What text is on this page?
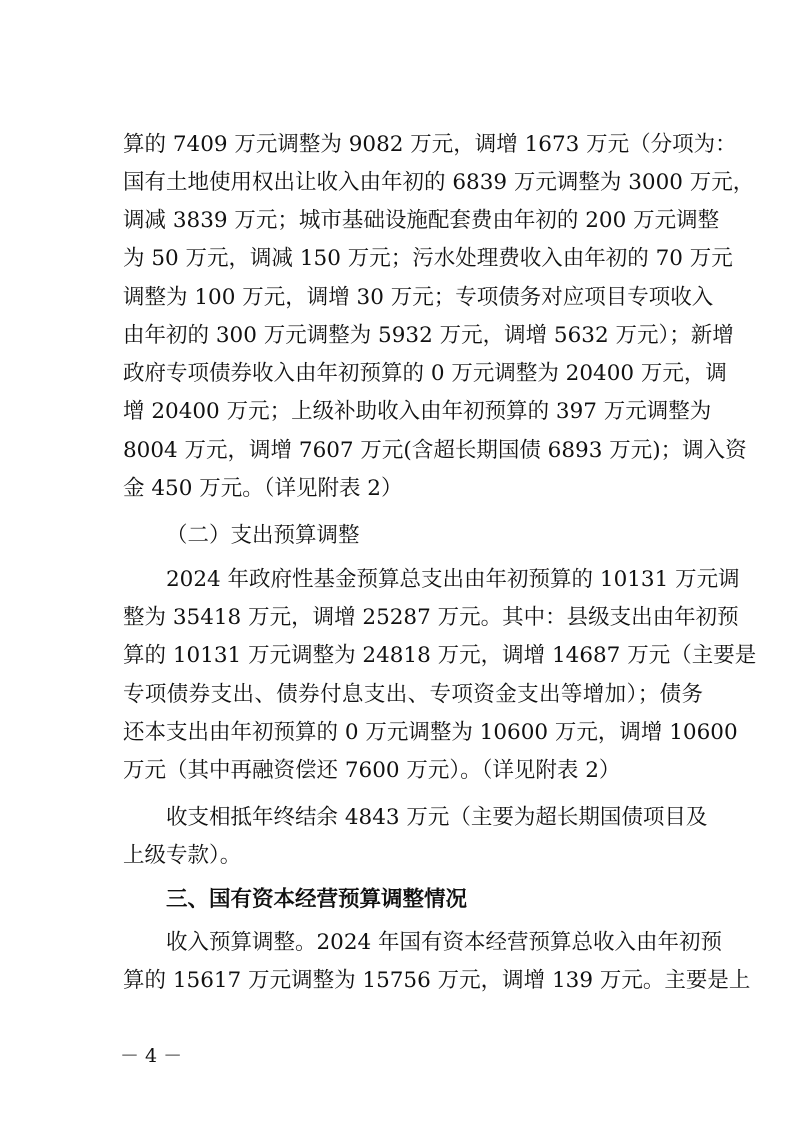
算的 7409 万元调整为 9082 万元，调增 1673 万元（分项为：
国有土地使用权出让收入由年初的 6839 万元调整为 3000 万元，
调减 3839 万元；城市基础设施配套费由年初的 200 万元调整
为 50 万元，调减 150 万元；污水处理费收入由年初的 70 万元
调整为 100 万元，调增 30 万元；专项债务对应项目专项收入
由年初的 300 万元调整为 5932 万元，调增 5632 万元）；新增
政府专项债券收入由年初预算的 0 万元调整为 20400 万元，调
增 20400 万元；上级补助收入由年初预算的 397 万元调整为
8004 万元，调增 7607 万元(含超长期国债 6893 万元)；调入资
金 450 万元。（详见附表 2）
（二）支出预算调整
2024 年政府性基金预算总支出由年初预算的 10131 万元调
整为 35418 万元，调增 25287 万元。其中：县级支出由年初预
算的 10131 万元调整为 24818 万元，调增 14687 万元（主要是
专项债券支出、债券付息支出、专项资金支出等增加）；债务
还本支出由年初预算的 0 万元调整为 10600 万元，调增 10600
万元（其中再融资偿还 7600 万元）。（详见附表 2）
收支相抵年终结余 4843 万元（主要为超长期国债项目及
上级专款）。
三、国有资本经营预算调整情况
收入预算调整。2024 年国有资本经营预算总收入由年初预
算的 15617 万元调整为 15756 万元，调增 139 万元。主要是上
－ 4 －
